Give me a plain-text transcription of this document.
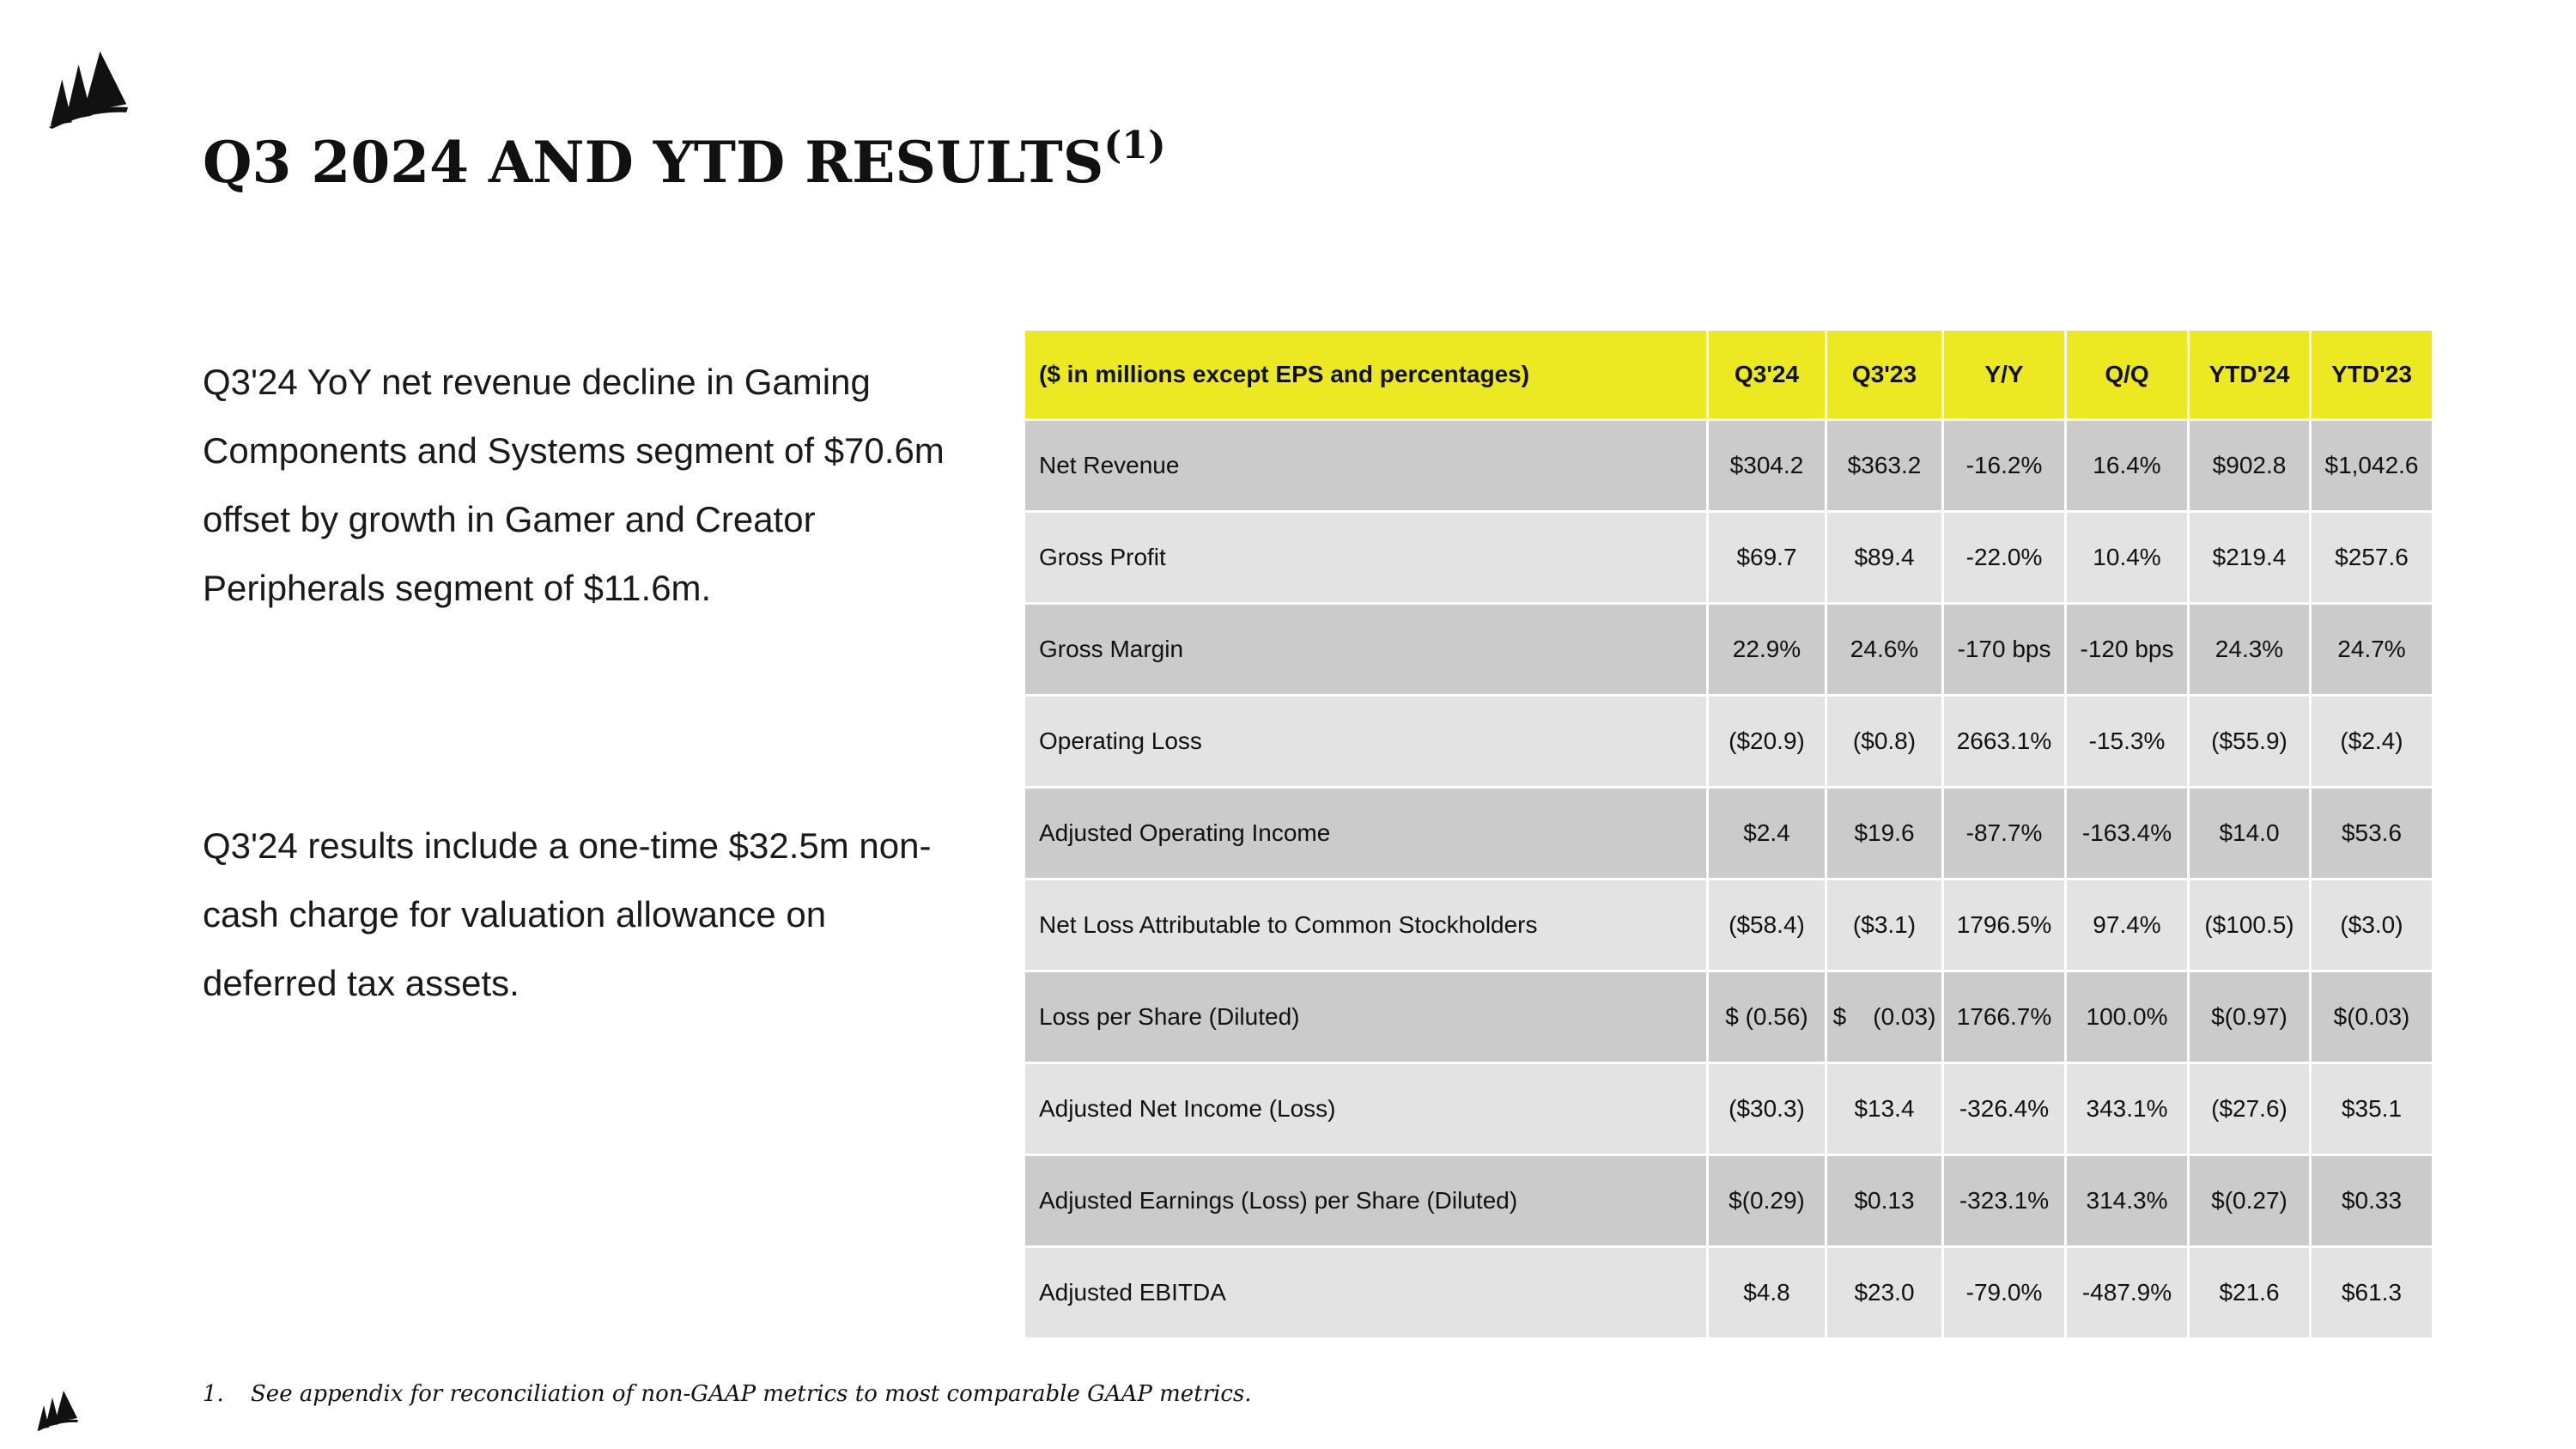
Q3 2024 AND YTD RESULTS$^{(1)}$

Q3'24 YoY net revenue decline in Gaming Components and Systems segment of $70.6m offset by growth in Gamer and Creator Peripherals segment of $11.6m.

Q3'24 results include a one-time $32.5m non-cash charge for valuation allowance on deferred tax assets.

($ in millions except EPS and percentages)	Q3'24	Q3'23	Y/Y	Q/Q	YTD'24	YTD'23
Net Revenue	$304.2	$363.2	-16.2%	16.4%	$902.8	$1,042.6
Gross Profit	$69.7	$89.4	-22.0%	10.4%	$219.4	$257.6
Gross Margin	22.9%	24.6%	-170 bps	-120 bps	24.3%	24.7%
Operating Loss	($20.9)	($0.8)	2663.1%	-15.3%	($55.9)	($2.4)
Adjusted Operating Income	$2.4	$19.6	-87.7%	-163.4%	$14.0	$53.6
Net Loss Attributable to Common Stockholders	($58.4)	($3.1)	1796.5%	97.4%	($100.5)	($3.0)
Loss per Share (Diluted)	$ (0.56)	$    (0.03)	1766.7%	100.0%	$(0.97)	$(0.03)
Adjusted Net Income (Loss)	($30.3)	$13.4	-326.4%	343.1%	($27.6)	$35.1
Adjusted Earnings (Loss) per Share (Diluted)	$(0.29)	$0.13	-323.1%	314.3%	$(0.27)	$0.33
Adjusted EBITDA	$4.8	$23.0	-79.0%	-487.9%	$21.6	$61.3
1. See appendix for reconciliation of non-GAAP metrics to most comparable GAAP metrics.
